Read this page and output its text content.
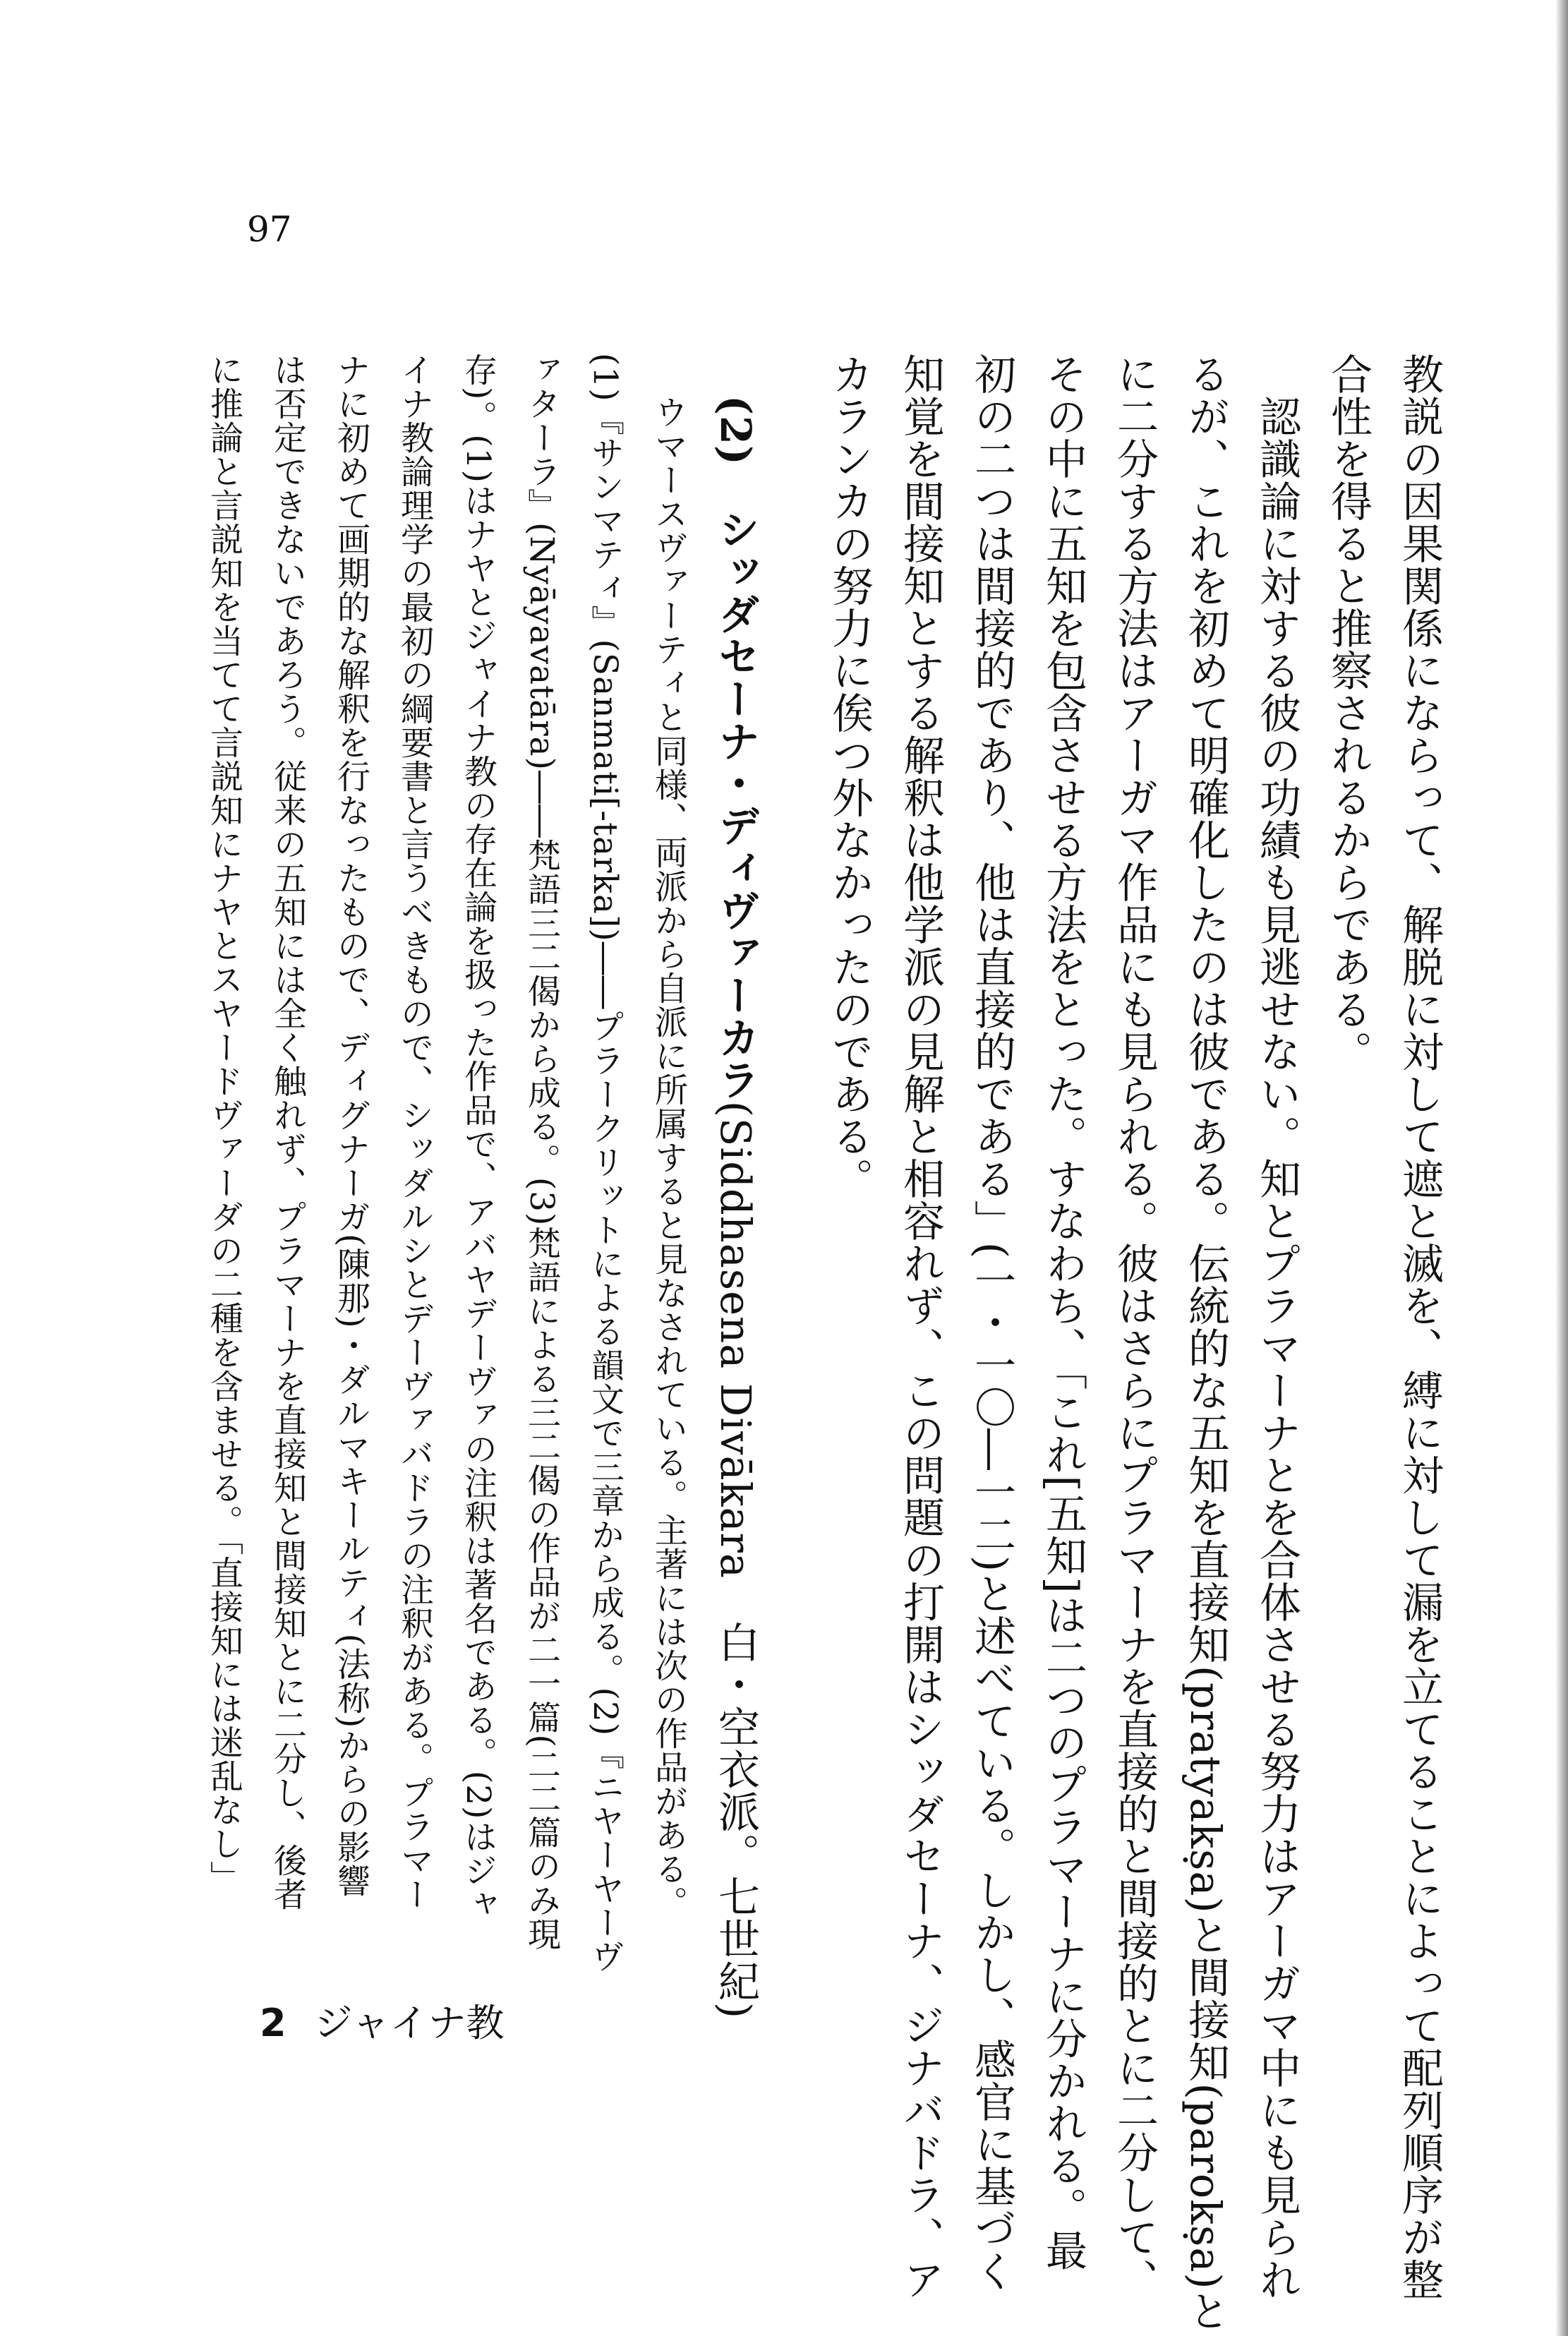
97
教説の因果関係にならって、解脱に対して遮と滅を、縛に対して漏を立てることによって配列順序が整
合性を得ると推察されるからである。
認識論に対する彼の功績も見逃せない。知とプラマーナとを合体させる努力はアーガマ中にも見られ
るが、これを初めて明確化したのは彼である。伝統的な五知を直接知(pratyakṣa)と間接知(parokṣa)と
に二分する方法はアーガマ作品にも見られる。彼はさらにプラマーナを直接的と間接的とに二分して、
その中に五知を包含させる方法をとった。すなわち、「これ[五知]は二つのプラマーナに分かれる。最
初の二つは間接的であり、他は直接的である」(一・一〇―一二)と述べている。しかし、感官に基づく
知覚を間接知とする解釈は他学派の見解と相容れず、この問題の打開はシッダセーナ、ジナバドラ、ア
カランカの努力に俟つ外なかったのである。
(2)　シッダセーナ・ディヴァーカラ(Siddhasena Divākara　白・空衣派。七世紀)
ウマースヴァーティと同様、両派から自派に所属すると見なされている。主著には次の作品がある。
(1)『サンマティ』(Sanmati[-tarka])――プラークリットによる韻文で三章から成る。(2)『ニヤーヤーヴ
ァターラ』(Nyāyavatāra)――梵語三二偈から成る。(3)梵語による三二偈の作品が二一篇(二二篇のみ現
存)。(1)はナヤとジャイナ教の存在論を扱った作品で、アバヤデーヴァの注釈は著名である。(2)はジャ
イナ教論理学の最初の綱要書と言うべきもので、シッダルシとデーヴァバドラの注釈がある。プラマー
ナに初めて画期的な解釈を行なったもので、ディグナーガ(陳那)・ダルマキールティ(法称)からの影響
は否定できないであろう。従来の五知には全く触れず、プラマーナを直接知と間接知とに二分し、後者
に推論と言説知を当てて言説知にナヤとスヤードヴァーダの二種を含ませる。「直接知には迷乱なし」
2 ジャイナ教
